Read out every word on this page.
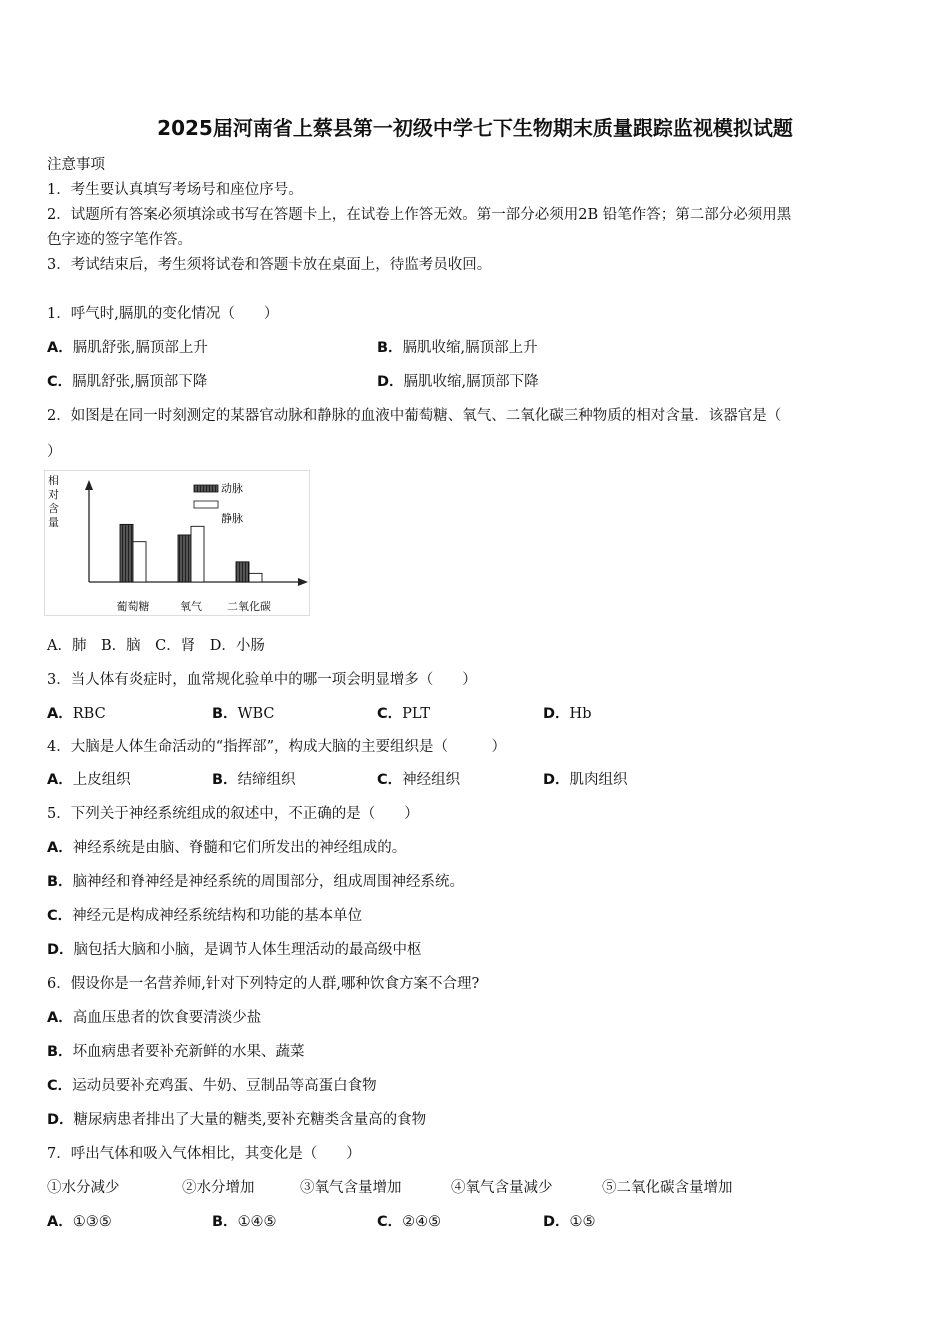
2025届河南省上蔡县第一初级中学七下生物期末质量跟踪监视模拟试题
注意事项
1．考生要认真填写考场号和座位序号。
2．试题所有答案必须填涂或书写在答题卡上，在试卷上作答无效。第一部分必须用2B 铅笔作答；第二部分必须用黑
色字迹的签字笔作答。
3．考试结束后，考生须将试卷和答题卡放在桌面上，待监考员收回。
1．呼气时,膈肌的变化情况（　　）
A．膈肌舒张,膈顶部上升	B．膈肌收缩,膈顶部上升
C．膈肌舒张,膈顶部下降	D．膈肌收缩,膈顶部下降
2．如图是在同一时刻测定的某器官动脉和静脉的血液中葡萄糖、氧气、二氧化碳三种物质的相对含量．该器官是（
）
相
对
含
量
葡萄糖	氧气 二氧化碳
动脉
静脉
A．肺　B．脑　C．肾　D．小肠
3．当人体有炎症时，血常规化验单中的哪一项会明显增多（　　）
A．RBC	B．WBC	C．PLT	D．Hb
4．大脑是人体生命活动的“指挥部”，构成大脑的主要组织是（　　　）
A．上皮组织	B．结缔组织	C．神经组织	D．肌肉组织
5．下列关于神经系统组成的叙述中，不正确的是（　　）
A．神经系统是由脑、脊髓和它们所发出的神经组成的。
B．脑神经和脊神经是神经系统的周围部分，组成周围神经系统。
C．神经元是构成神经系统结构和功能的基本单位
D．脑包括大脑和小脑，是调节人体生理活动的最高级中枢
6．假设你是一名营养师,针对下列特定的人群,哪种饮食方案不合理?
A．高血压患者的饮食要清淡少盐
B．坏血病患者要补充新鲜的水果、蔬菜
C．运动员要补充鸡蛋、牛奶、豆制品等高蛋白食物
D．糖尿病患者排出了大量的糖类,要补充糖类含量高的食物
7．呼出气体和吸入气体相比，其变化是（　　）
①水分减少	②水分增加	③氧气含量增加	④氧气含量减少	⑤二氧化碳含量增加
A．①③⑤	B．①④⑤	C．②④⑤	D．①⑤
